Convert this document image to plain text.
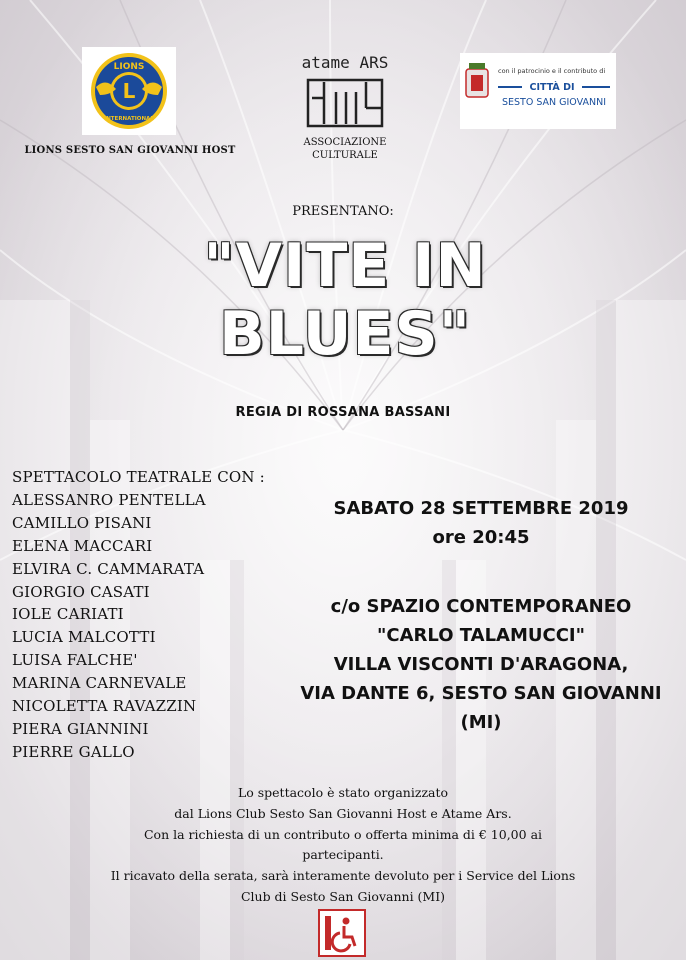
LIONS
L
INTERNATIONAL
LIONS SESTO SAN GIOVANNI HOST
atame ARS
ASSOCIAZIONE CULTURALE
con il patrocinio e il contributo di
CITTÀ DI
SESTO SAN GIOVANNI
PRESENTANO:
"VITE IN
BLUES"
REGIA DI ROSSANA BASSANI
SPETTACOLO TEATRALE CON :
ALESSANRO PENTELLA
CAMILLO PISANI
ELENA MACCARI
ELVIRA C. CAMMARATA
GIORGIO CASATI
IOLE CARIATI
LUCIA MALCOTTI
LUISA FALCHE'
MARINA CARNEVALE
NICOLETTA RAVAZZIN
PIERA GIANNINI
PIERRE GALLO
SABATO 28 SETTEMBRE 2019
ore 20:45
c/o SPAZIO CONTEMPORANEO
"CARLO TALAMUCCI"
VILLA VISCONTI D'ARAGONA,
VIA DANTE 6, SESTO SAN GIOVANNI
(MI)
Lo spettacolo è stato organizzato
dal Lions Club Sesto San Giovanni Host e Atame Ars.
Con la richiesta di un contributo o offerta minima di € 10,00 ai
partecipanti.
Il ricavato della serata, sarà interamente devoluto per i Service del Lions
Club di Sesto San Giovanni (MI)
